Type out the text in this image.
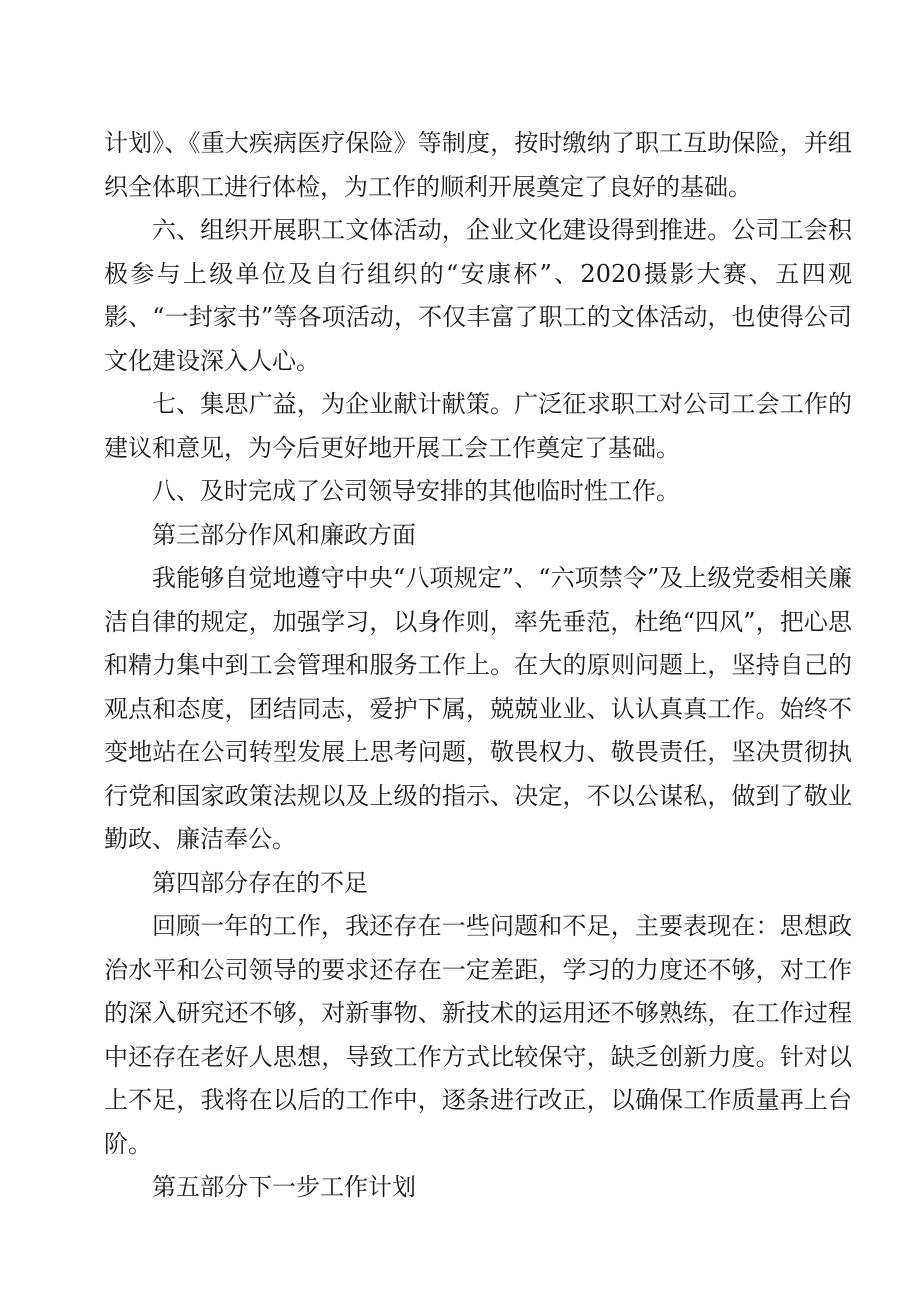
计划》、《重大疾病医疗保险》等制度，按时缴纳了职工互助保险，并组织全体职工进行体检，为工作的顺利开展奠定了良好的基础。

六、组织开展职工文体活动，企业文化建设得到推进。公司工会积极参与上级单位及自行组织的“安康杯”、2020摄影大赛、五四观影、“一封家书”等各项活动，不仅丰富了职工的文体活动，也使得公司文化建设深入人心。

七、集思广益，为企业献计献策。广泛征求职工对公司工会工作的建议和意见，为今后更好地开展工会工作奠定了基础。

八、及时完成了公司领导安排的其他临时性工作。

第三部分作风和廉政方面

我能够自觉地遵守中央“八项规定”、“六项禁令”及上级党委相关廉洁自律的规定，加强学习，以身作则，率先垂范，杜绝“四风”，把心思和精力集中到工会管理和服务工作上。在大的原则问题上，坚持自己的观点和态度，团结同志，爱护下属，兢兢业业、认认真真工作。始终不变地站在公司转型发展上思考问题，敬畏权力、敬畏责任，坚决贯彻执行党和国家政策法规以及上级的指示、决定，不以公谋私，做到了敬业勤政、廉洁奉公。

第四部分存在的不足

回顾一年的工作，我还存在一些问题和不足，主要表现在：思想政治水平和公司领导的要求还存在一定差距，学习的力度还不够，对工作的深入研究还不够，对新事物、新技术的运用还不够熟练，在工作过程中还存在老好人思想，导致工作方式比较保守，缺乏创新力度。针对以上不足，我将在以后的工作中，逐条进行改正，以确保工作质量再上台阶。

第五部分下一步工作计划
